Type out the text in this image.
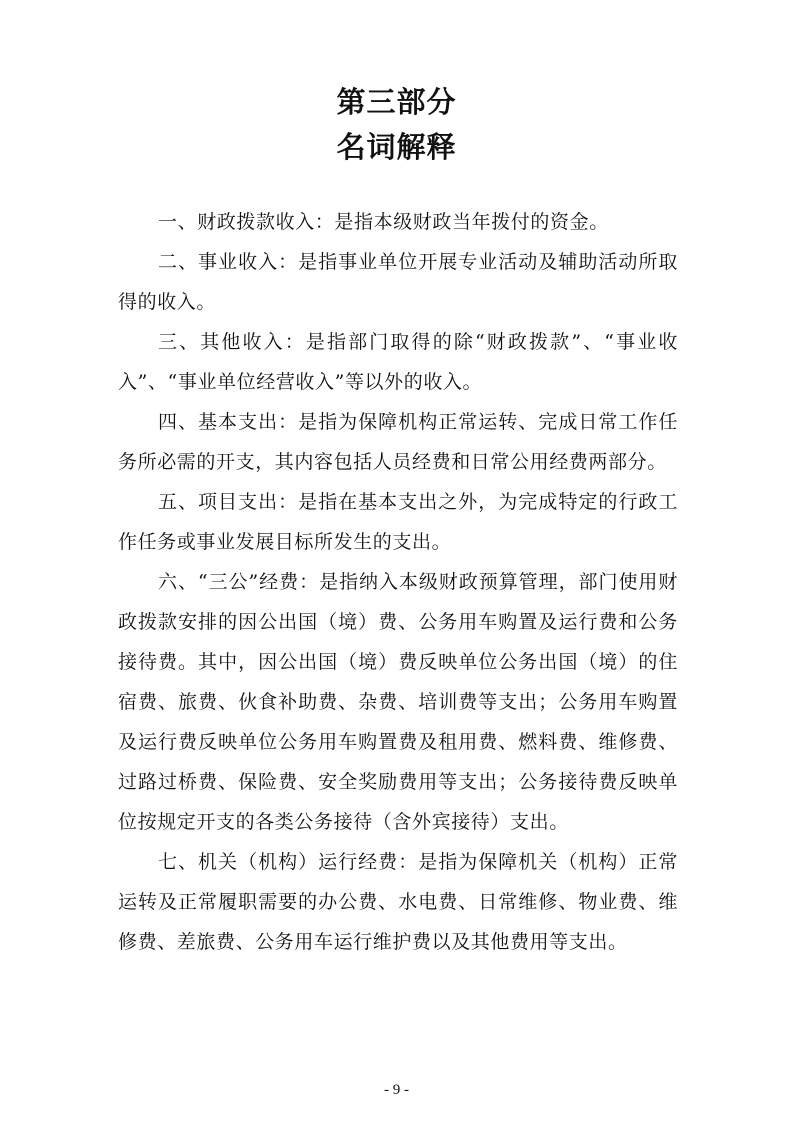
第三部分
名词解释

一、财政拨款收入：是指本级财政当年拨付的资金。

二、事业收入：是指事业单位开展专业活动及辅助活动所取得的收入。

三、其他收入：是指部门取得的除“财政拨款”、“事业收入”、“事业单位经营收入”等以外的收入。

四、基本支出：是指为保障机构正常运转、完成日常工作任务所必需的开支，其内容包括人员经费和日常公用经费两部分。

五、项目支出：是指在基本支出之外，为完成特定的行政工作任务或事业发展目标所发生的支出。

六、“三公”经费：是指纳入本级财政预算管理，部门使用财政拨款安排的因公出国（境）费、公务用车购置及运行费和公务接待费。其中，因公出国（境）费反映单位公务出国（境）的住宿费、旅费、伙食补助费、杂费、培训费等支出；公务用车购置及运行费反映单位公务用车购置费及租用费、燃料费、维修费、过路过桥费、保险费、安全奖励费用等支出；公务接待费反映单位按规定开支的各类公务接待（含外宾接待）支出。

七、机关（机构）运行经费：是指为保障机关（机构）正常运转及正常履职需要的办公费、水电费、日常维修、物业费、维修费、差旅费、公务用车运行维护费以及其他费用等支出。

- 9 -
